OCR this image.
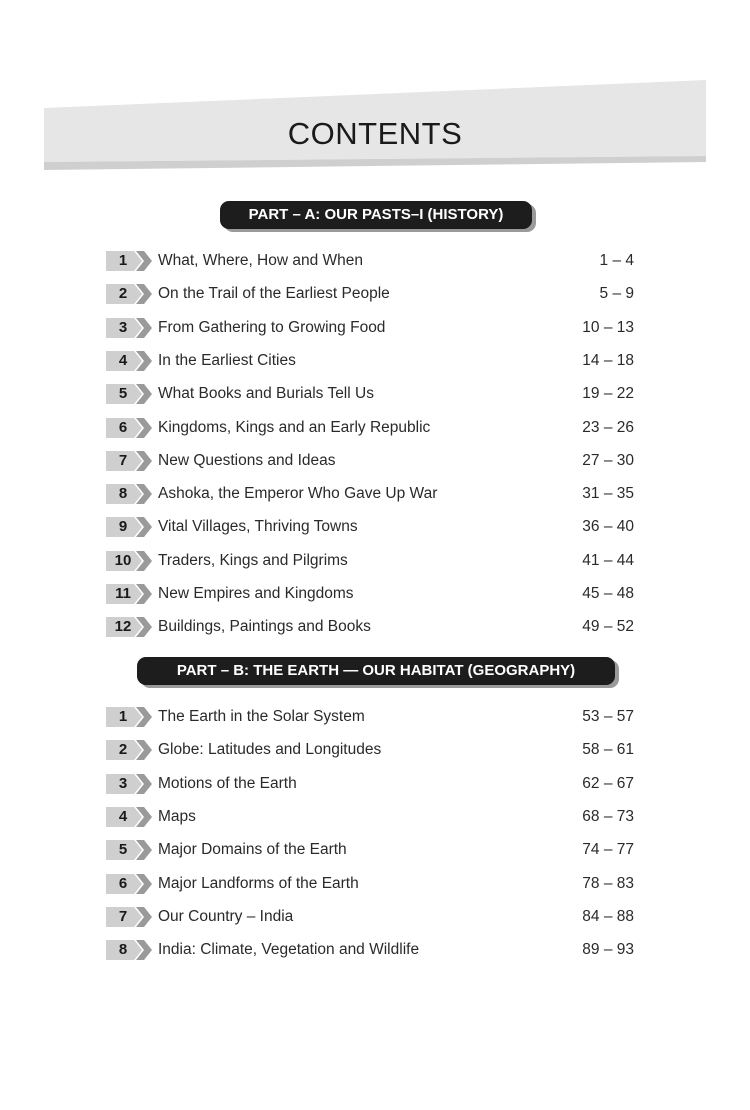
CONTENTS
PART – A: OUR PASTS–I (HISTORY)
PART – B: THE EARTH — OUR HABITAT (GEOGRAPHY)
1	What, Where, How and When	1 – 4
2	On the Trail of the Earliest People	5 – 9
3	From Gathering to Growing Food	10 – 13
4	In the Earliest Cities	14 – 18
5	What Books and Burials Tell Us	19 – 22
6	Kingdoms, Kings and an Early Republic	23 – 26
7	New Questions and Ideas	27 – 30
8	Ashoka, the Emperor Who Gave Up War	31 – 35
9	Vital Villages, Thriving Towns	36 – 40
10	Traders, Kings and Pilgrims	41 – 44
11	New Empires and Kingdoms	45 – 48
12	Buildings, Paintings and Books	49 – 52
1	The Earth in the Solar System	53 – 57
2	Globe: Latitudes and Longitudes	58 – 61
3	Motions of the Earth	62 – 67
4	Maps	68 – 73
5	Major Domains of the Earth	74 – 77
6	Major Landforms of the Earth	78 – 83
7	Our Country – India	84 – 88
8	India: Climate, Vegetation and Wildlife	89 – 93
